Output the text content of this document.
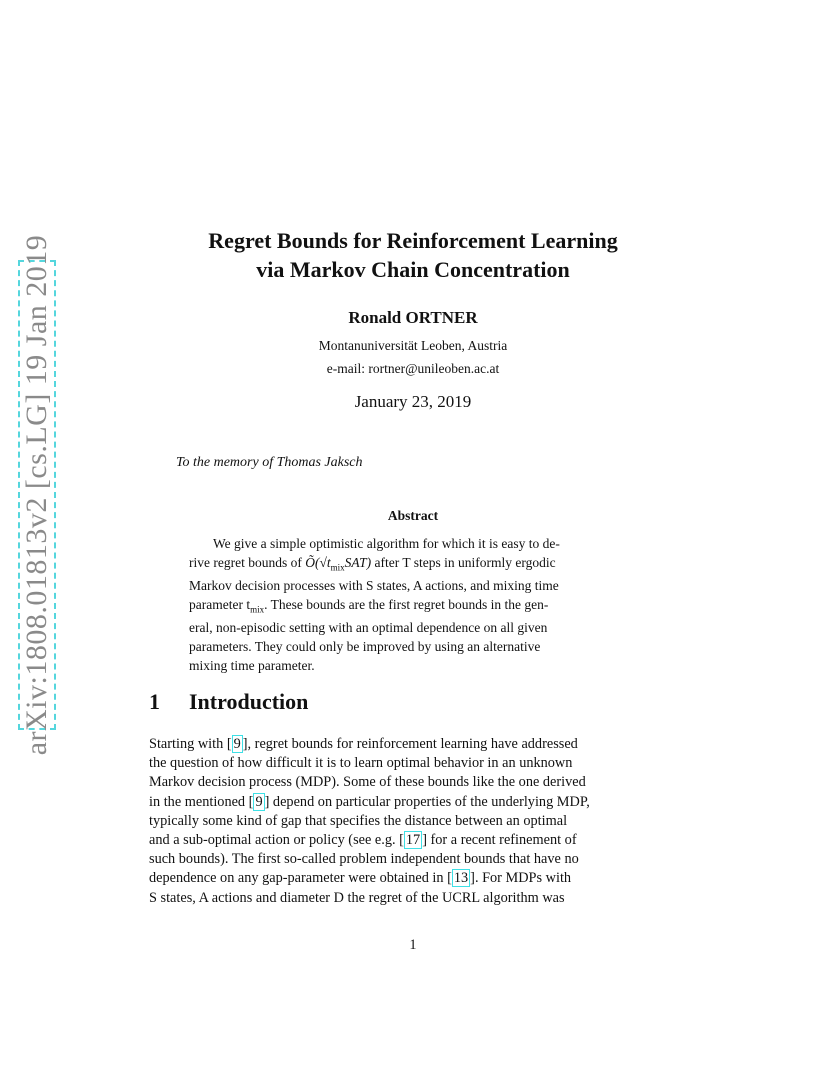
arXiv:1808.01813v2 [cs.LG] 19 Jan 2019	Regret Bounds for Reinforcement Learning
via Markov Chain Concentration
Ronald ORTNER
Montanuniversität Leoben, Austria
e-mail: rortner@unileoben.ac.at
January 23, 2019
To the memory of Thomas Jaksch
Abstract
We give a simple optimistic algorithm for which it is easy to de-
rive regret bounds of $Õ(√t_{mix}SAT)$ after T steps in uniformly ergodic
Markov decision processes with S states, A actions, and mixing time
parameter $t_{mix}$. These bounds are the first regret bounds in the gen-
eral, non-episodic setting with an optimal dependence on all given
parameters. They could only be improved by using an alternative
mixing time parameter.
1 Introduction
Starting with [ 9 ], regret bounds for reinforcement learning have addressed
the question of how difficult it is to learn optimal behavior in an unknown
Markov decision process (MDP). Some of these bounds like the one derived
in the mentioned [ 9 ] depend on particular properties of the underlying MDP,
typically some kind of gap that specifies the distance between an optimal
and a sub-optimal action or policy (see e.g. [ 17 ] for a recent refinement of
such bounds). The first so-called problem independent bounds that have no
dependence on any gap-parameter were obtained in [ 13 ]. For MDPs with
S states, A actions and diameter D the regret of the UCRL algorithm was
1
